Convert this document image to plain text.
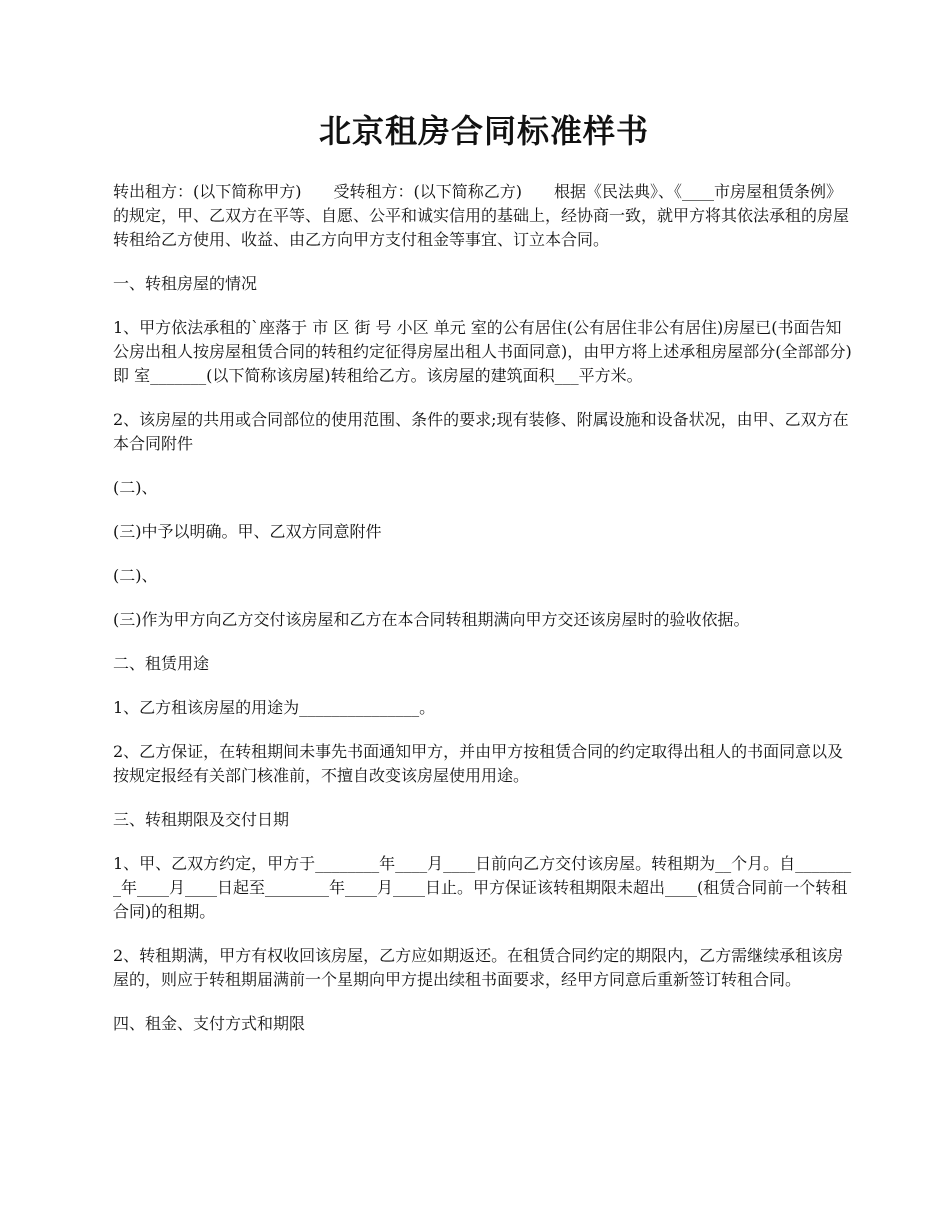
北京租房合同标准样书

转出租方：(以下简称甲方)　　受转租方：(以下简称乙方)　　根据《民法典》、《____市房屋租赁条例》的规定，甲、乙双方在平等、自愿、公平和诚实信用的基础上，经协商一致，就甲方将其依法承租的房屋转租给乙方使用、收益、由乙方向甲方支付租金等事宜、订立本合同。

一、转租房屋的情况

1、甲方依法承租的`座落于 市 区 街 号 小区 单元 室的公有居住(公有居住非公有居住)房屋已(书面告知公房出租人按房屋租赁合同的转租约定征得房屋出租人书面同意)，由甲方将上述承租房屋部分(全部部分)即 室_______(以下简称该房屋)转租给乙方。该房屋的建筑面积___平方米。

2、该房屋的共用或合同部位的使用范围、条件的要求;现有装修、附属设施和设备状况，由甲、乙双方在本合同附件

(二)、

(三)中予以明确。甲、乙双方同意附件

(二)、

(三)作为甲方向乙方交付该房屋和乙方在本合同转租期满向甲方交还该房屋时的验收依据。

二、租赁用途

1、乙方租该房屋的用途为_______________。

2、乙方保证，在转租期间未事先书面通知甲方，并由甲方按租赁合同的约定取得出租人的书面同意以及按规定报经有关部门核准前，不擅自改变该房屋使用用途。

三、转租期限及交付日期

1、甲、乙双方约定，甲方于________年____月____日前向乙方交付该房屋。转租期为__个月。自________年____月____日起至________年____月____日止。甲方保证该转租期限未超出____(租赁合同前一个转租合同)的租期。

2、转租期满，甲方有权收回该房屋，乙方应如期返还。在租赁合同约定的期限内，乙方需继续承租该房屋的，则应于转租期届满前一个星期向甲方提出续租书面要求，经甲方同意后重新签订转租合同。

四、租金、支付方式和期限
